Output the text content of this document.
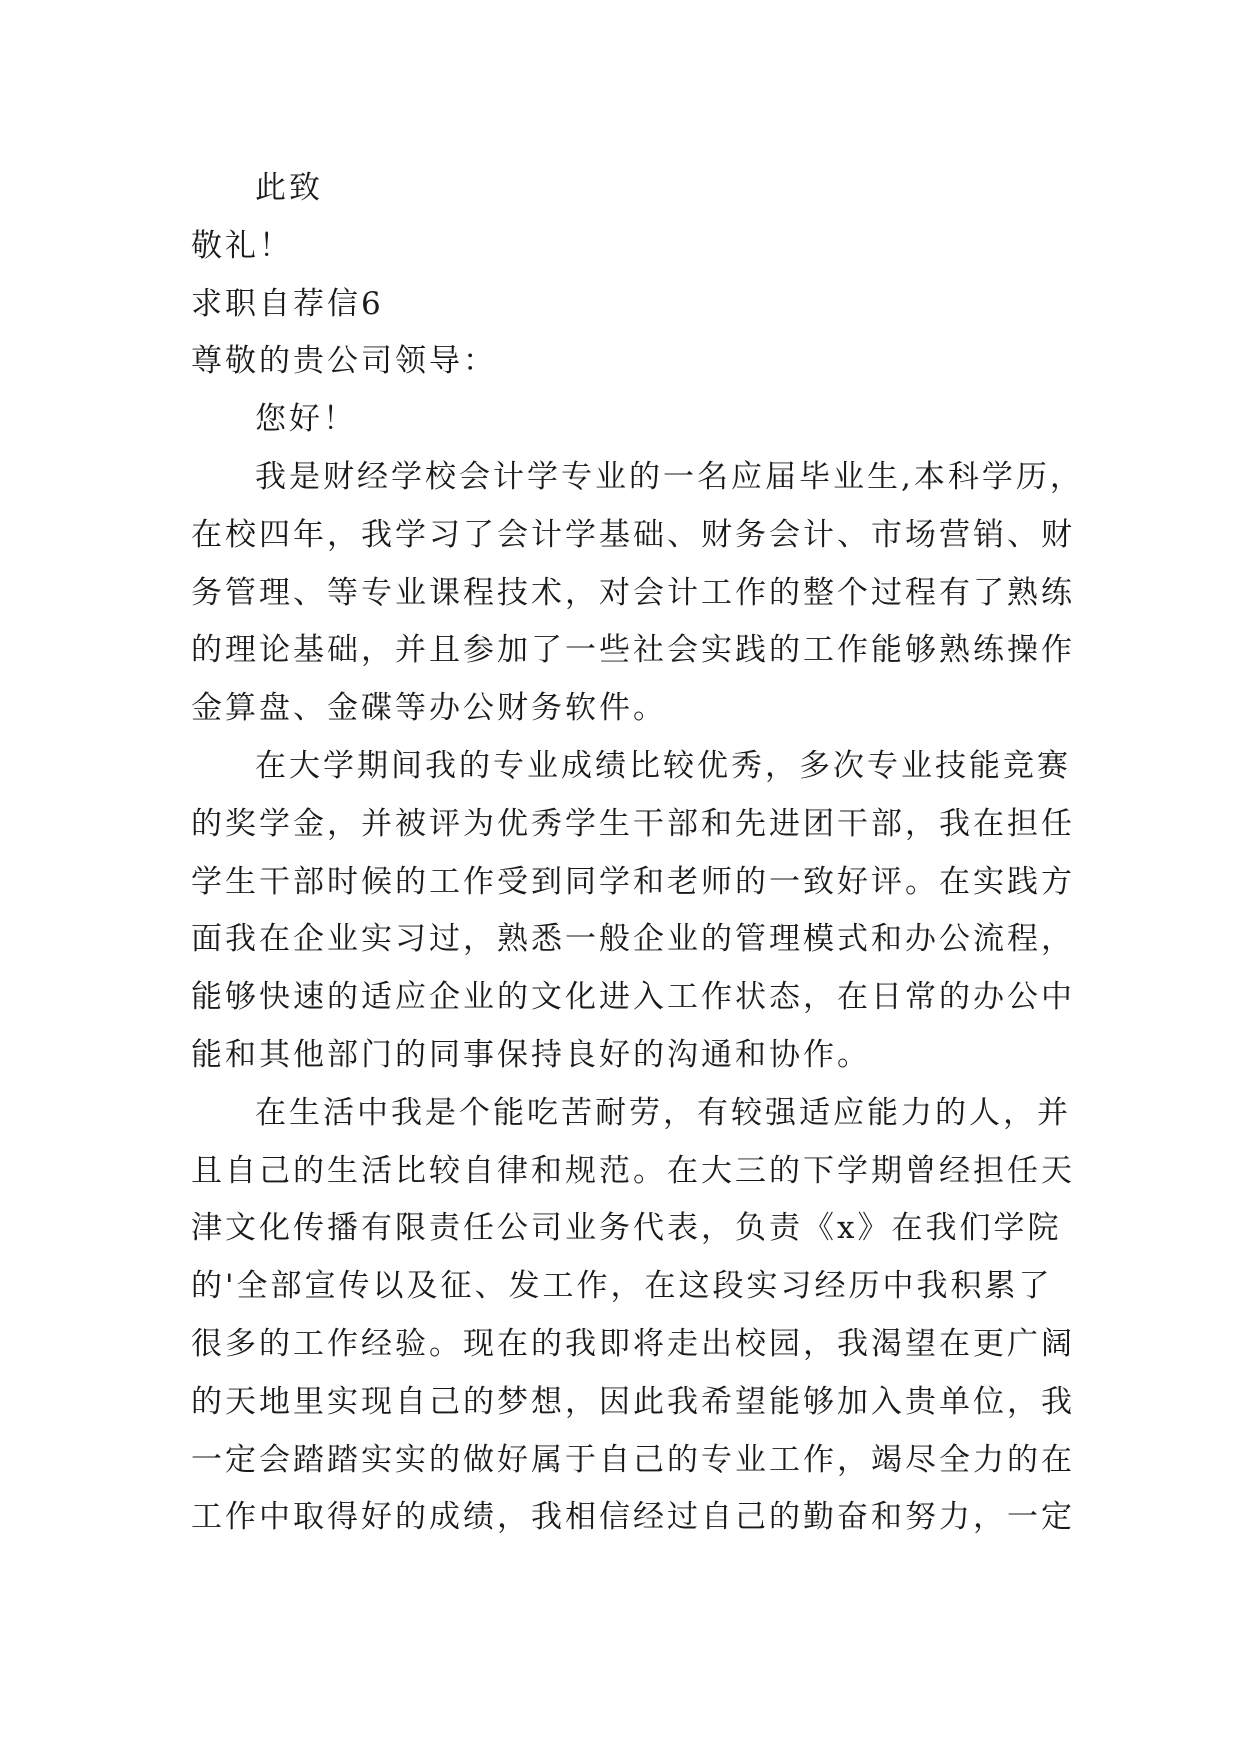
此致
敬礼！
求职自荐信6
尊敬的贵公司领导：
您好！
我是财经学校会计学专业的一名应届毕业生,本科学历，
在校四年，我学习了会计学基础、财务会计、市场营销、财
务管理、等专业课程技术，对会计工作的整个过程有了熟练
的理论基础，并且参加了一些社会实践的工作能够熟练操作
金算盘、金碟等办公财务软件。
在大学期间我的专业成绩比较优秀，多次专业技能竞赛
的奖学金，并被评为优秀学生干部和先进团干部，我在担任
学生干部时候的工作受到同学和老师的一致好评。在实践方
面我在企业实习过，熟悉一般企业的管理模式和办公流程，
能够快速的适应企业的文化进入工作状态，在日常的办公中
能和其他部门的同事保持良好的沟通和协作。
在生活中我是个能吃苦耐劳，有较强适应能力的人，并
且自己的生活比较自律和规范。在大三的下学期曾经担任天
津文化传播有限责任公司业务代表，负责《x》在我们学院
的'全部宣传以及征、发工作，在这段实习经历中我积累了
很多的工作经验。现在的我即将走出校园，我渴望在更广阔
的天地里实现自己的梦想，因此我希望能够加入贵单位，我
一定会踏踏实实的做好属于自己的专业工作，竭尽全力的在
工作中取得好的成绩，我相信经过自己的勤奋和努力，一定
